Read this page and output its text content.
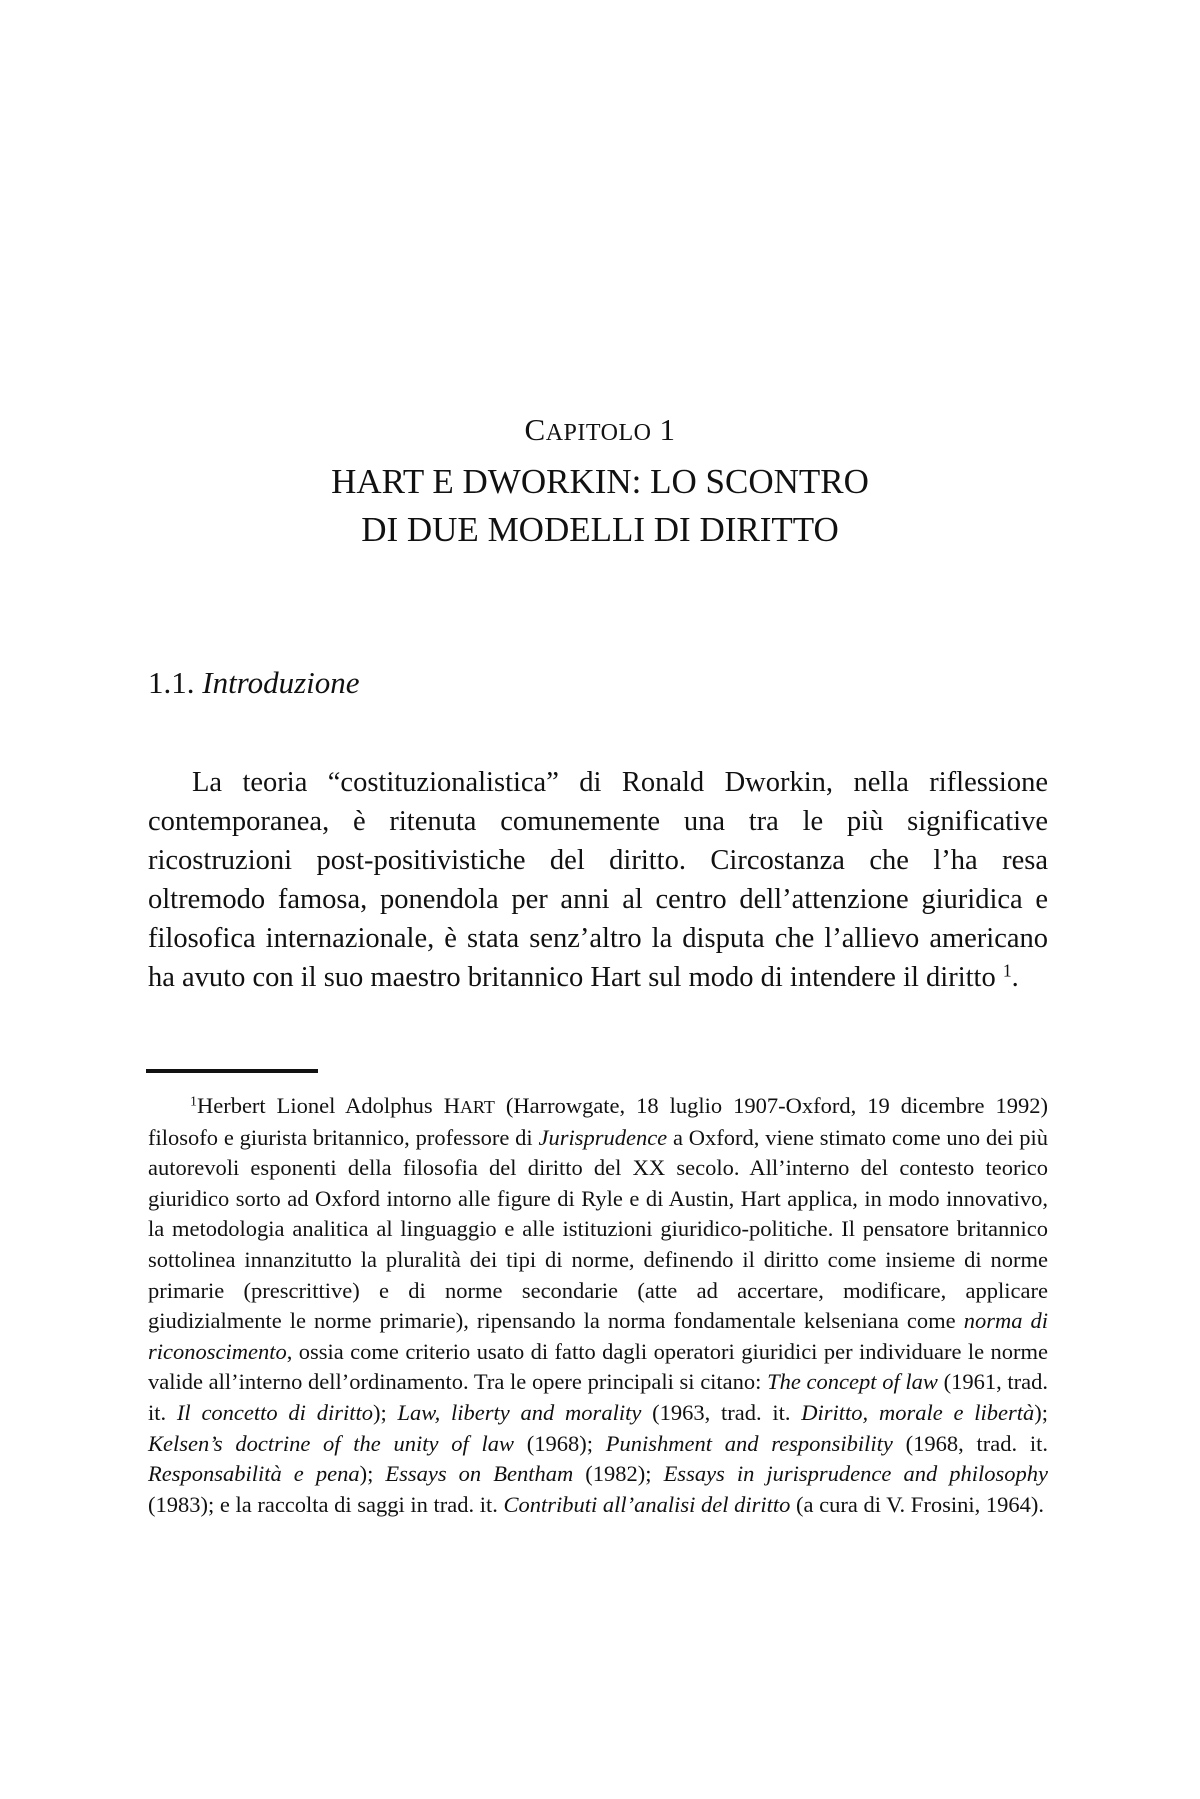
CAPITOLO 1
HART E DWORKIN: LO SCONTRO
DI DUE MODELLI DI DIRITTO
1.1. Introduzione

La teoria “costituzionalistica” di Ronald Dworkin, nella riflessione contemporanea, è ritenuta comunemente una tra le più significative ricostruzioni post-positivistiche del diritto. Circostanza che l’ha resa oltremodo famosa, ponendola per anni al centro dell’attenzione giuridica e filosofica internazionale, è stata senz’altro la disputa che l’allievo americano ha avuto con il suo maestro britannico Hart sul modo di intendere il diritto $^1$.

$^1$Herbert Lionel Adolphus HART (Harrowgate, 18 luglio 1907-Oxford, 19 dicembre 1992) filosofo e giurista britannico, professore di Jurisprudence a Oxford, viene stimato come uno dei più autorevoli esponenti della filosofia del diritto del XX secolo. All’interno del contesto teorico giuridico sorto ad Oxford intorno alle figure di Ryle e di Austin, Hart applica, in modo innovativo, la metodologia analitica al linguaggio e alle istituzioni giuridico-politiche. Il pensatore britannico sottolinea innanzitutto la pluralità dei tipi di norme, definendo il diritto come insieme di norme primarie (prescrittive) e di norme secondarie (atte ad accertare, modificare, applicare giudizialmente le norme primarie), ripensando la norma fondamentale kelseniana come norma di riconoscimento, ossia come criterio usato di fatto dagli operatori giuridici per individuare le norme valide all’interno dell’ordinamento. Tra le opere principali si citano: The concept of law (1961, trad. it. Il concetto di diritto); Law, liberty and morality (1963, trad. it. Diritto, morale e libertà); Kelsen’s doctrine of the unity of law (1968); Punishment and responsibility (1968, trad. it. Responsabilità e pena); Essays on Bentham (1982); Essays in jurisprudence and philosophy (1983); e la raccolta di saggi in trad. it. Contributi all’analisi del diritto (a cura di V. Frosini, 1964).
